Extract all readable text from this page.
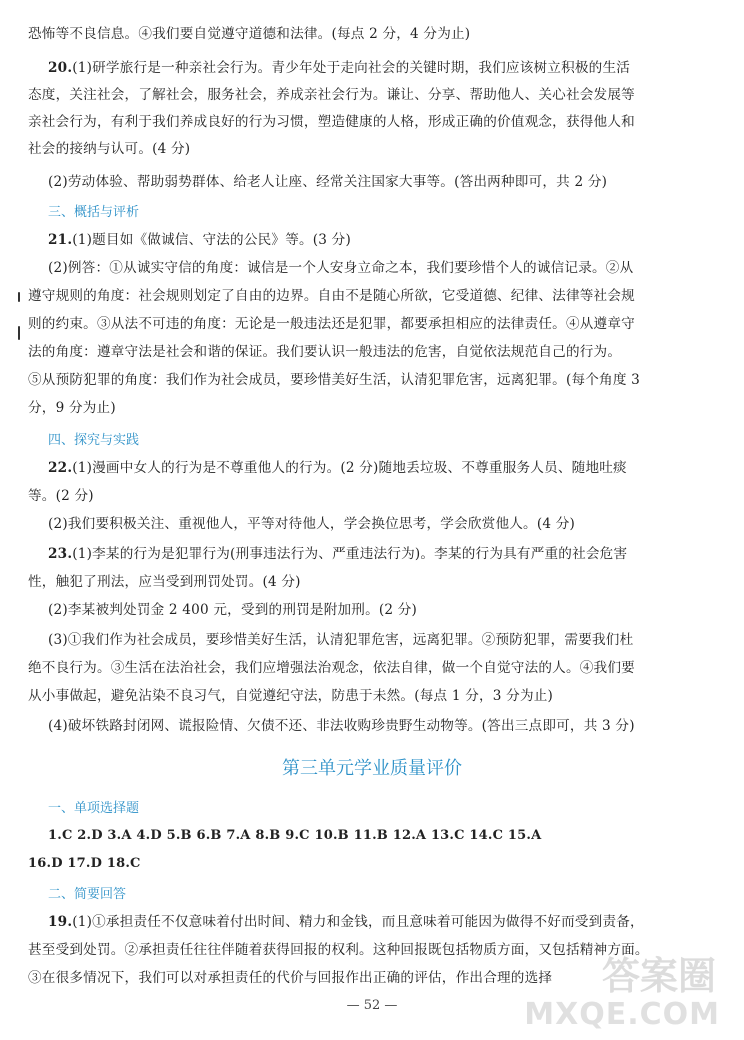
恐怖等不良信息。④我们要自觉遵守道德和法律。(每点 2 分，4 分为止)
20.(1)研学旅行是一种亲社会行为。青少年处于走向社会的关键时期，我们应该树立积极的生活
态度，关注社会，了解社会，服务社会，养成亲社会行为。谦让、分享、帮助他人、关心社会发展等
亲社会行为，有利于我们养成良好的行为习惯，塑造健康的人格，形成正确的价值观念，获得他人和
社会的接纳与认可。(4 分)
(2)劳动体验、帮助弱势群体、给老人让座、经常关注国家大事等。(答出两种即可，共 2 分)
三、概括与评析
21.(1)题目如《做诚信、守法的公民》等。(3 分)
(2)例答：①从诚实守信的角度：诚信是一个人安身立命之本，我们要珍惜个人的诚信记录。②从
遵守规则的角度：社会规则划定了自由的边界。自由不是随心所欲，它受道德、纪律、法律等社会规
则的约束。③从法不可违的角度：无论是一般违法还是犯罪，都要承担相应的法律责任。④从遵章守
法的角度：遵章守法是社会和谐的保证。我们要认识一般违法的危害，自觉依法规范自己的行为。
⑤从预防犯罪的角度：我们作为社会成员，要珍惜美好生活，认清犯罪危害，远离犯罪。(每个角度 3
分，9 分为止)
四、探究与实践
22.(1)漫画中女人的行为是不尊重他人的行为。(2 分)随地丢垃圾、不尊重服务人员、随地吐痰
等。(2 分)
(2)我们要积极关注、重视他人，平等对待他人，学会换位思考，学会欣赏他人。(4 分)
23.(1)李某的行为是犯罪行为(刑事违法行为、严重违法行为)。李某的行为具有严重的社会危害
性，触犯了刑法，应当受到刑罚处罚。(4 分)
(2)李某被判处罚金 2 400 元，受到的刑罚是附加刑。(2 分)
(3)①我们作为社会成员，要珍惜美好生活，认清犯罪危害，远离犯罪。②预防犯罪，需要我们杜
绝不良行为。③生活在法治社会，我们应增强法治观念，依法自律，做一个自觉守法的人。④我们要
从小事做起，避免沾染不良习气，自觉遵纪守法，防患于未然。(每点 1 分，3 分为止)
(4)破坏铁路封闭网、谎报险情、欠债不还、非法收购珍贵野生动物等。(答出三点即可，共 3 分)
第三单元学业质量评价
一、单项选择题
1.C 2.D 3.A 4.D 5.B 6.B 7.A 8.B 9.C 10.B 11.B 12.A 13.C 14.C 15.A
16.D 17.D 18.C
二、简要回答
19.(1)①承担责任不仅意味着付出时间、精力和金钱，而且意味着可能因为做得不好而受到责备，
甚至受到处罚。②承担责任往往伴随着获得回报的权利。这种回报既包括物质方面，又包括精神方面。
③在很多情况下，我们可以对承担责任的代价与回报作出正确的评估，作出合理的选择
— 52 —
答案圈
MXQE.COM
